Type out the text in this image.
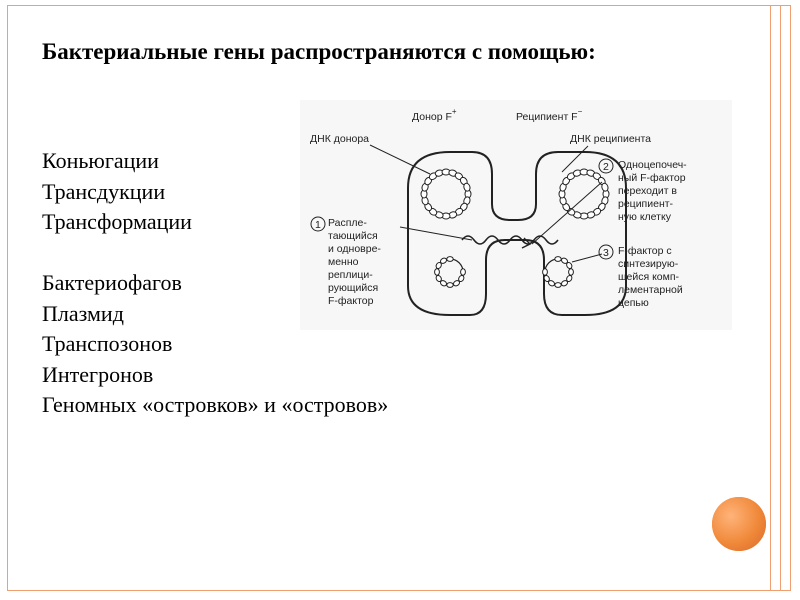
Бактериальные гены распространяются с помощью:
Коньюгации
Трансдукции
Трансформации
Бактериофагов
Плазмид
Транспозонов
Интегронов
Геномных «островков» и «островов»
Донор F+	Реципиент F−
ДНК донора	ДНК реципиента
1 Распле-
тающийся
и одновре-
менно
реплици-
рующийся
F-фактор
2 Одноцепочеч-
ный F-фактор
переходит в
реципиент-
ную клетку
3 F-фактор с
синтезирую-
щейся комп-
лементарной
цепью
